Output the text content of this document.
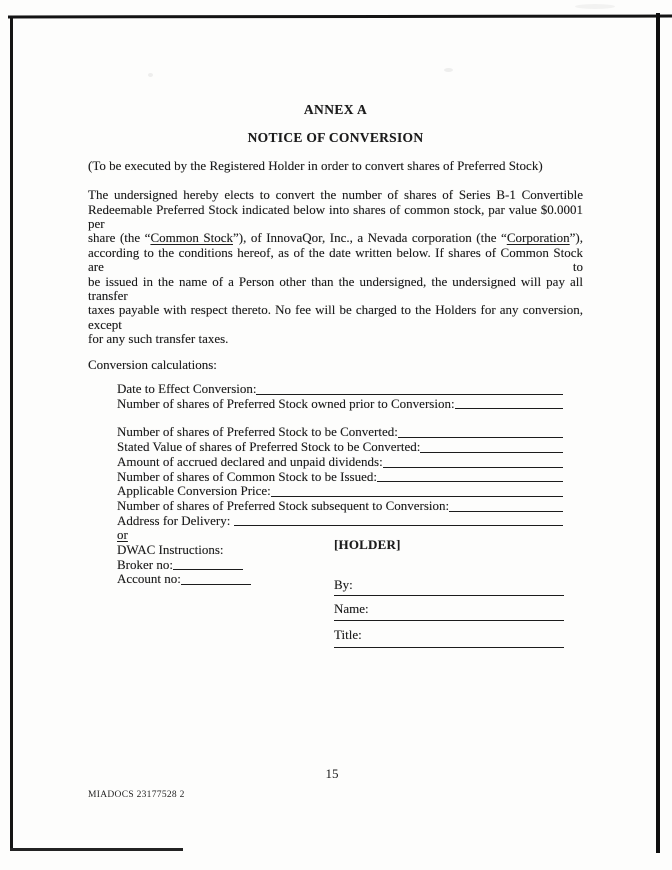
ANNEX A
NOTICE OF CONVERSION
(To be executed by the Registered Holder in order to convert shares of Preferred Stock)
The undersigned hereby elects to convert the number of shares of Series B-1 Convertible
Redeemable Preferred Stock indicated below into shares of common stock, par value $0.0001 per
share (the “Common Stock”), of InnovaQor, Inc., a Nevada corporation (the “Corporation”),
according to the conditions hereof, as of the date written below. If shares of Common Stock are to
be issued in the name of a Person other than the undersigned, the undersigned will pay all transfer
taxes payable with respect thereto. No fee will be charged to the Holders for any conversion, except
for any such transfer taxes.
Conversion calculations:
Date to Effect Conversion:
Number of shares of Preferred Stock owned prior to Conversion:
Number of shares of Preferred Stock to be Converted:
Stated Value of shares of Preferred Stock to be Converted:
Amount of accrued declared and unpaid dividends:
Number of shares of Common Stock to be Issued:
Applicable Conversion Price:
Number of shares of Preferred Stock subsequent to Conversion:
Address for Delivery:
or
DWAC Instructions:
Broker no:
Account no:
[HOLDER]
By:
Name:
Title:
15
MIADOCS 23177528 2
